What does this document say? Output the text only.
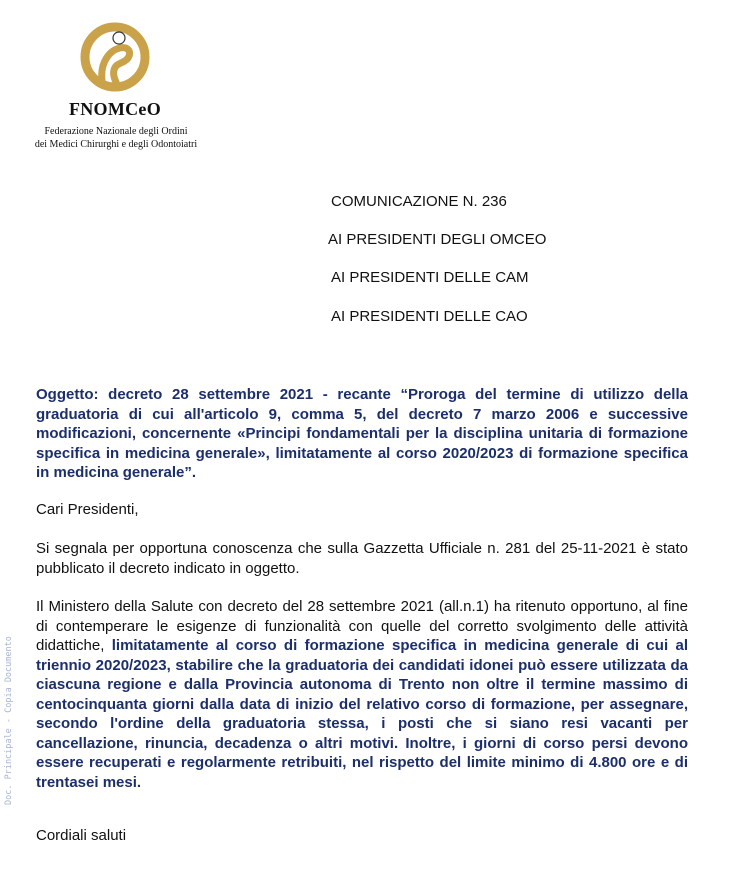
FNOMCeO
Federazione Nazionale degli Ordini
dei Medici Chirurghi e degli Odontoiatri
COMUNICAZIONE N. 236
AI PRESIDENTI DEGLI OMCEO
AI PRESIDENTI DELLE CAM
AI PRESIDENTI DELLE CAO
Oggetto: decreto 28 settembre 2021 - recante “Proroga del termine di utilizzo della graduatoria di cui all'articolo 9, comma 5, del decreto 7 marzo 2006 e successive modificazioni, concernente «Principi fondamentali per la disciplina unitaria di formazione specifica in medicina generale», limitatamente al corso 2020/2023 di formazione specifica in medicina generale”.
Cari Presidenti,
Si segnala per opportuna conoscenza che sulla Gazzetta Ufficiale n. 281 del 25-11-2021 è stato pubblicato il decreto indicato in oggetto.
Il Ministero della Salute con decreto del 28 settembre 2021 (all.n.1) ha ritenuto opportuno, al fine di contemperare le esigenze di funzionalità con quelle del corretto svolgimento delle attività didattiche, limitatamente al corso di formazione specifica in medicina generale di cui al triennio 2020/2023, stabilire che la graduatoria dei candidati idonei può essere utilizzata da ciascuna regione e dalla Provincia autonoma di Trento non oltre il termine massimo di centocinquanta giorni dalla data di inizio del relativo corso di formazione, per assegnare, secondo l'ordine della graduatoria stessa, i posti che si siano resi vacanti per cancellazione, rinuncia, decadenza o altri motivi. Inoltre, i giorni di corso persi devono essere recuperati e regolarmente retribuiti, nel rispetto del limite minimo di 4.800 ore e di trentasei mesi.
Cordiali saluti
Doc. Principale - Copia Documento
